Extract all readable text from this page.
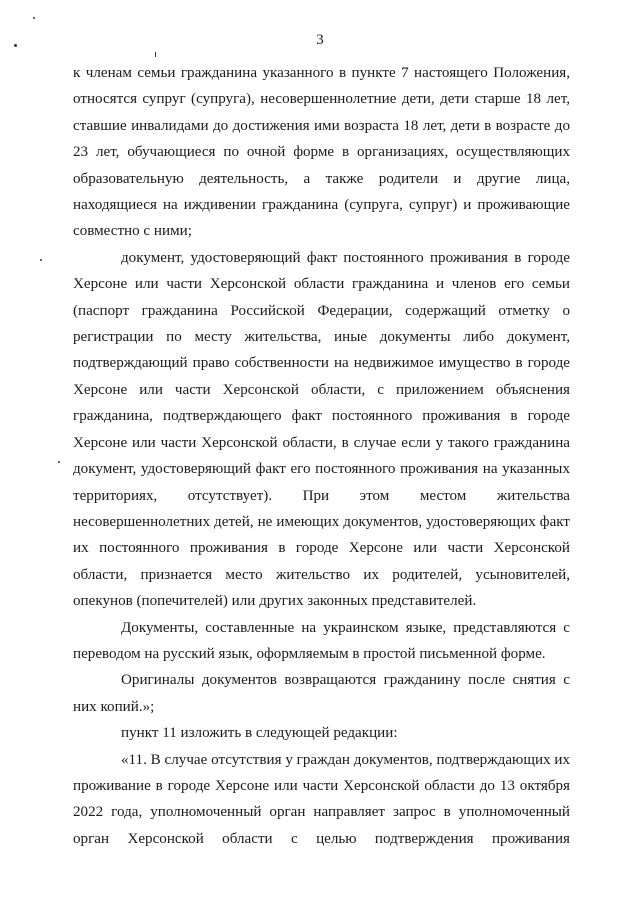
3

к членам семьи гражданина указанного в пункте 7 настоящего Положения, относятся супруг (супруга), несовершеннолетние дети, дети старше 18 лет, ставшие инвалидами до достижения ими возраста 18 лет, дети в возрасте до 23 лет, обучающиеся по очной форме в организациях, осуществляющих образовательную деятельность, а также родители и другие лица, находящиеся на иждивении гражданина (супруга, супруг) и проживающие совместно с ними;

документ, удостоверяющий факт постоянного проживания в городе Херсоне или части Херсонской области гражданина и членов его семьи (паспорт гражданина Российской Федерации, содержащий отметку о регистрации по месту жительства, иные документы либо документ, подтверждающий право собственности на недвижимое имущество в городе Херсоне или части Херсонской области, с приложением объяснения гражданина, подтверждающего факт постоянного проживания в городе Херсоне или части Херсонской области, в случае если у такого гражданина документ, удостоверяющий факт его постоянного проживания на указанных территориях, отсутствует). При этом местом жительства несовершеннолетних детей, не имеющих документов, удостоверяющих факт их постоянного проживания в городе Херсоне или части Херсонской области, признается место жительство их родителей, усыновителей, опекунов (попечителей) или других законных представителей.

Документы, составленные на украинском языке, представляются с переводом на русский язык, оформляемым в простой письменной форме.

Оригиналы документов возвращаются гражданину после снятия с них копий.»;

пункт 11 изложить в следующей редакции:

«11. В случае отсутствия у граждан документов, подтверждающих их проживание в городе Херсоне или части Херсонской области до 13 октября 2022 года, уполномоченный орган направляет запрос в уполномоченный орган Херсонской области с целью подтверждения проживания
